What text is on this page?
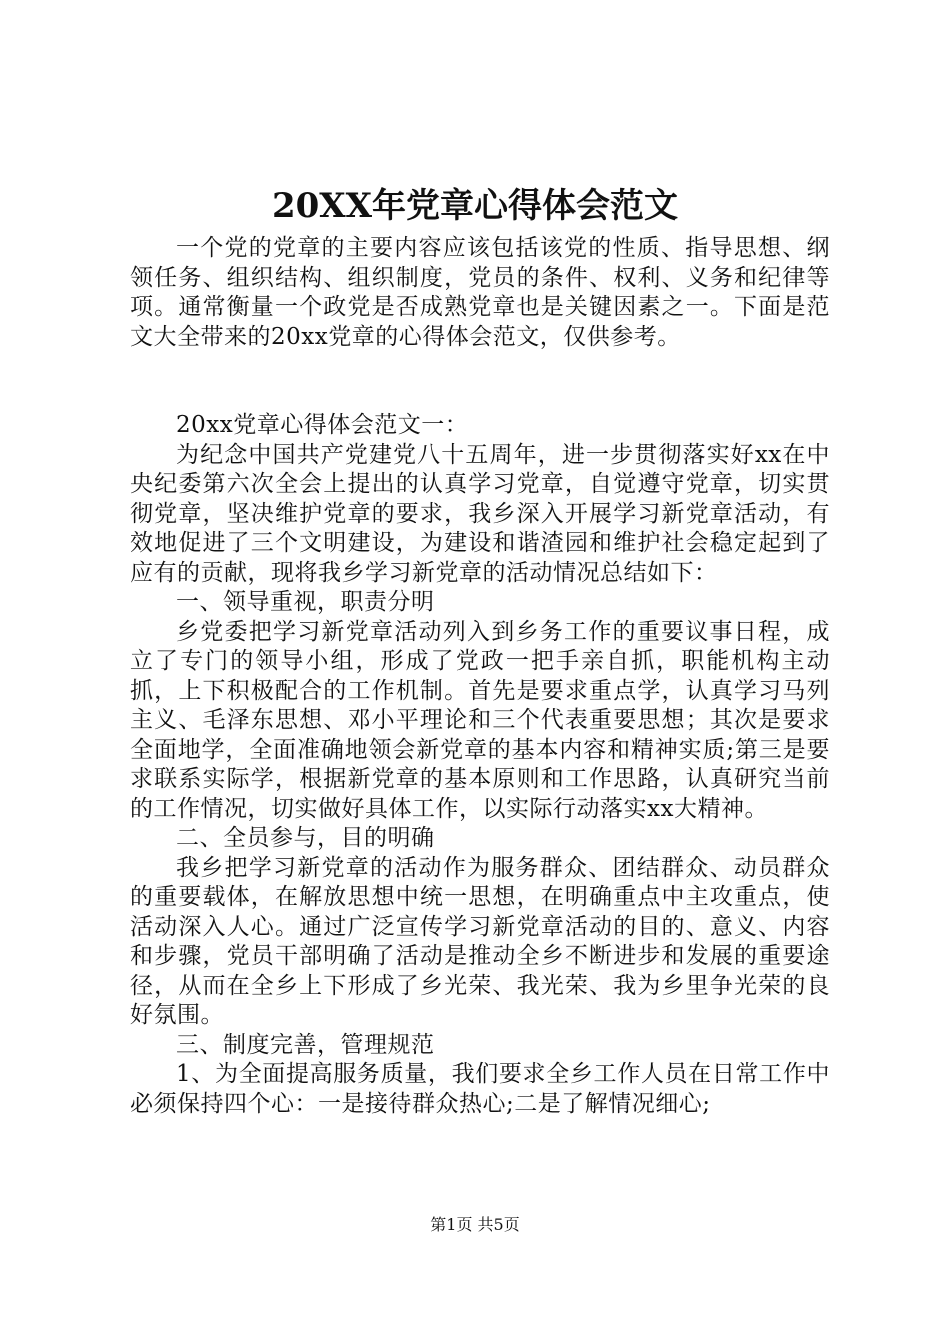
20XX年党章心得体会范文

一个党的党章的主要内容应该包括该党的性质、指导思想、纲领任务、组织结构、组织制度，党员的条件、权利、义务和纪律等项。通常衡量一个政党是否成熟党章也是关键因素之一。下面是范文大全带来的20xx党章的心得体会范文，仅供参考。

20xx党章心得体会范文一：

为纪念中国共产党建党八十五周年，进一步贯彻落实好xx在中央纪委第六次全会上提出的认真学习党章，自觉遵守党章，切实贯彻党章，坚决维护党章的要求，我乡深入开展学习新党章活动，有效地促进了三个文明建设，为建设和谐渣园和维护社会稳定起到了应有的贡献，现将我乡学习新党章的活动情况总结如下：

一、领导重视，职责分明

乡党委把学习新党章活动列入到乡务工作的重要议事日程，成立了专门的领导小组，形成了党政一把手亲自抓，职能机构主动抓，上下积极配合的工作机制。首先是要求重点学，认真学习马列主义、毛泽东思想、邓小平理论和三个代表重要思想；其次是要求全面地学，全面准确地领会新党章的基本内容和精神实质;第三是要求联系实际学，根据新党章的基本原则和工作思路，认真研究当前的工作情况，切实做好具体工作，以实际行动落实xx大精神。

二、全员参与，目的明确

我乡把学习新党章的活动作为服务群众、团结群众、动员群众的重要载体，在解放思想中统一思想，在明确重点中主攻重点，使活动深入人心。通过广泛宣传学习新党章活动的目的、意义、内容和步骤，党员干部明确了活动是推动全乡不断进步和发展的重要途径，从而在全乡上下形成了乡光荣、我光荣、我为乡里争光荣的良好氛围。

三、制度完善，管理规范

1、为全面提高服务质量，我们要求全乡工作人员在日常工作中必须保持四个心：一是接待群众热心;二是了解情况细心;

第1页 共5页
